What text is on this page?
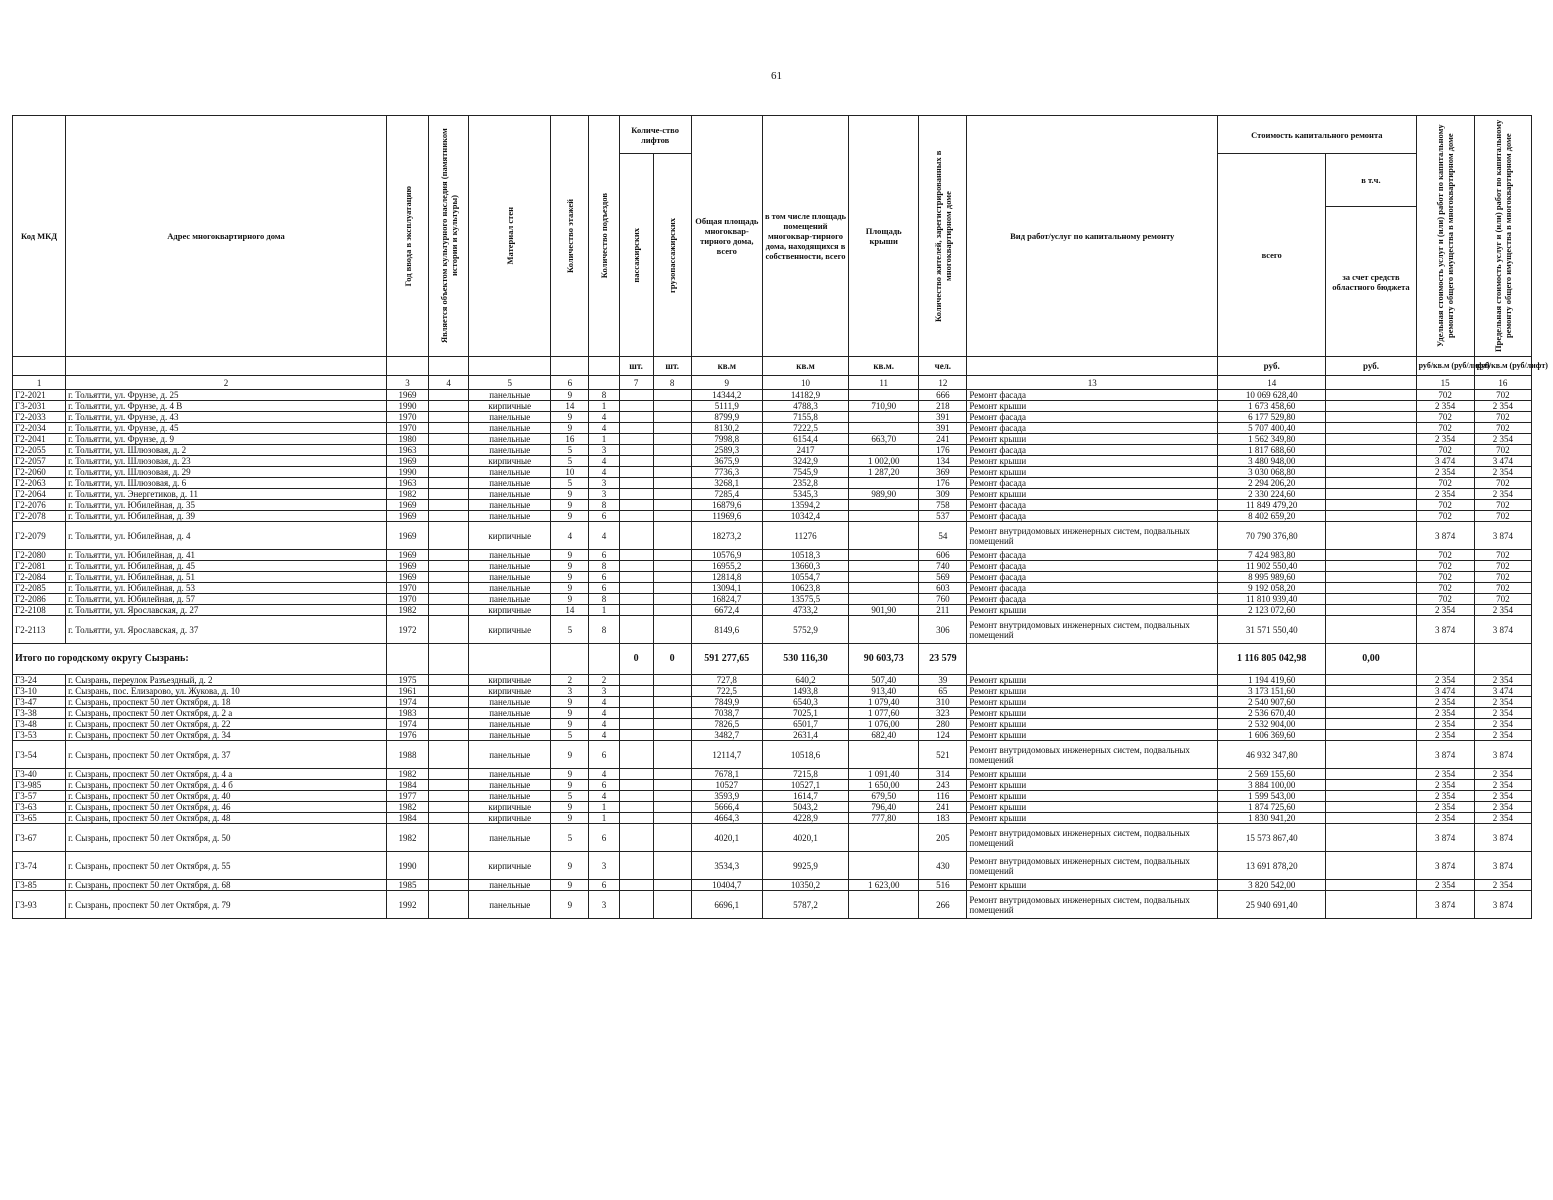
61
Код МКД	Адрес многоквартирного дома	Год ввода в эксплуатацию	Является объектом культурного наследия (памятником истории и культуры)	Материал стен	Количество этажей	Количество подъездов	Количе-ство лифтов		Общая площадь многоквар-тирного дома, всего	в том числе площадь помещений многоквар-тирного дома, находящихся в собственности, всего	Площадь крыши	Количество жителей, зарегистрированных в многоквартирном доме	Вид работ/услуг по капитальному ремонту	Стоимость капитального ремонта		Удельная стоимость услуг и (или) работ по капитальному ремонту общего имущества в многоквартирном доме	Предельная стоимость услуг и (или) работ по капитальному ремонту общего имущества в многоквартирном доме

							пассажирских	грузопассажирских						всего	в т.ч.		
															за счет средств областного бюджета		
							шт.	шт.	кв.м	кв.м	кв.м.	чел.		руб.	руб.	руб/кв.м (руб/лифт)	руб/кв.м (руб/лифт)
1	2	3	4	5	6		7	8	9	10	11	12	13	14		15	16
Г2-2021	г. Тольятти, ул. Фрунзе, д. 25	1969		панельные	9	8			14344,2	14182,9		666	Ремонт фасада	10 069 628,40		702	702
Г3-2031	г. Тольятти, ул. Фрунзе, д. 4 В	1990		кирпичные	14	1			5111,9	4788,3	710,90	218	Ремонт крыши	1 673 458,60		2 354	2 354
Г2-2033	г. Тольятти, ул. Фрунзе, д. 43	1970		панельные	9	4			8799,9	7155,8		391	Ремонт фасада	6 177 529,80		702	702
Г2-2034	г. Тольятти, ул. Фрунзе, д. 45	1970		панельные	9	4			8130,2	7222,5		391	Ремонт фасада	5 707 400,40		702	702
Г2-2041	г. Тольятти, ул. Фрунзе, д. 9	1980		панельные	16	1			7998,8	6154,4	663,70	241	Ремонт крыши	1 562 349,80		2 354	2 354
Г2-2055	г. Тольятти, ул. Шлюзовая, д. 2	1963		панельные	5	3			2589,3	2417		176	Ремонт фасада	1 817 688,60		702	702
Г2-2057	г. Тольятти, ул. Шлюзовая, д. 23	1969		кирпичные	5	4			3675,9	3242,9	1 002,00	134	Ремонт крыши	3 480 948,00		3 474	3 474
Г2-2060	г. Тольятти, ул. Шлюзовая, д. 29	1990		панельные	10	4			7736,3	7545,9	1 287,20	369	Ремонт крыши	3 030 068,80		2 354	2 354
Г2-2063	г. Тольятти, ул. Шлюзовая, д. 6	1963		панельные	5	3			3268,1	2352,8		176	Ремонт фасада	2 294 206,20		702	702
Г2-2064	г. Тольятти, ул. Энергетиков, д. 11	1982		панельные	9	3			7285,4	5345,3	989,90	309	Ремонт крыши	2 330 224,60		2 354	2 354
Г2-2076	г. Тольятти, ул. Юбилейная, д. 35	1969		панельные	9	8			16879,6	13594,2		758	Ремонт фасада	11 849 479,20		702	702
Г2-2078	г. Тольятти, ул. Юбилейная, д. 39	1969		панельные	9	6			11969,6	10342,4		537	Ремонт фасада	8 402 659,20		702	702
Г2-2079	г. Тольятти, ул. Юбилейная, д. 4	1969		кирпичные	4	4			18273,2	11276		54	Ремонт внутридомовых инженерных систем, подвальных помещений	70 790 376,80		3 874	3 874
Г2-2080	г. Тольятти, ул. Юбилейная, д. 41	1969		панельные	9	6			10576,9	10518,3		606	Ремонт фасада	7 424 983,80		702	702
Г2-2081	г. Тольятти, ул. Юбилейная, д. 45	1969		панельные	9	8			16955,2	13660,3		740	Ремонт фасада	11 902 550,40		702	702
Г2-2084	г. Тольятти, ул. Юбилейная, д. 51	1969		панельные	9	6			12814,8	10554,7		569	Ремонт фасада	8 995 989,60		702	702
Г2-2085	г. Тольятти, ул. Юбилейная, д. 53	1970		панельные	9	6			13094,1	10623,8		603	Ремонт фасада	9 192 058,20		702	702
Г2-2086	г. Тольятти, ул. Юбилейная, д. 57	1970		панельные	9	8			16824,7	13575,5		760	Ремонт фасада	11 810 939,40		702	702
Г2-2108	г. Тольятти, ул. Ярославская, д. 27	1982		кирпичные	14	1			6672,4	4733,2	901,90	211	Ремонт крыши	2 123 072,60		2 354	2 354
Г2-2113	г. Тольятти, ул. Ярославская, д. 37	1972		кирпичные	5	8			8149,6	5752,9		306	Ремонт внутридомовых инженерных систем, подвальных помещений	31 571 550,40		3 874	3 874
Итого по городскому округу Сызрань:							0	0	591 277,65	530 116,30	90 603,73	23 579		1 116 805 042,98	0,00		
Г3-24	г. Сызрань, переулок Разъездный, д. 2	1975		кирпичные	2	2			727,8	640,2	507,40	39	Ремонт крыши	1 194 419,60		2 354	2 354
Г3-10	г. Сызрань, пос. Елизарово, ул. Жукова, д. 10	1961		кирпичные	3	3			722,5	1493,8	913,40	65	Ремонт крыши	3 173 151,60		3 474	3 474
Г3-47	г. Сызрань, проспект 50 лет Октября, д. 18	1974		панельные	9	4			7849,9	6540,3	1 079,40	310	Ремонт крыши	2 540 907,60		2 354	2 354
Г3-38	г. Сызрань, проспект 50 лет Октября, д. 2 а	1983		панельные	9	4			7038,7	7025,1	1 077,60	323	Ремонт крыши	2 536 670,40		2 354	2 354
Г3-48	г. Сызрань, проспект 50 лет Октября, д. 22	1974		панельные	9	4			7826,5	6501,7	1 076,00	280	Ремонт крыши	2 532 904,00		2 354	2 354
Г3-53	г. Сызрань, проспект 50 лет Октября, д. 34	1976		панельные	5	4			3482,7	2631,4	682,40	124	Ремонт крыши	1 606 369,60		2 354	2 354
Г3-54	г. Сызрань, проспект 50 лет Октября, д. 37	1988		панельные	9	6			12114,7	10518,6		521	Ремонт внутридомовых инженерных систем, подвальных помещений	46 932 347,80		3 874	3 874
Г3-40	г. Сызрань, проспект 50 лет Октября, д. 4 а	1982		панельные	9	4			7678,1	7215,8	1 091,40	314	Ремонт крыши	2 569 155,60		2 354	2 354
Г3-985	г. Сызрань, проспект 50 лет Октября, д. 4 б	1984		панельные	9	6			10527	10527,1	1 650,00	243	Ремонт крыши	3 884 100,00		2 354	2 354
Г3-57	г. Сызрань, проспект 50 лет Октября, д. 40	1977		панельные	5	4			3593,9	1614,7	679,50	116	Ремонт крыши	1 599 543,00		2 354	2 354
Г3-63	г. Сызрань, проспект 50 лет Октября, д. 46	1982		кирпичные	9	1			5666,4	5043,2	796,40	241	Ремонт крыши	1 874 725,60		2 354	2 354
Г3-65	г. Сызрань, проспект 50 лет Октября, д. 48	1984		кирпичные	9	1			4664,3	4228,9	777,80	183	Ремонт крыши	1 830 941,20		2 354	2 354
Г3-67	г. Сызрань, проспект 50 лет Октября, д. 50	1982		панельные	5	6			4020,1	4020,1		205	Ремонт внутридомовых инженерных систем, подвальных помещений	15 573 867,40		3 874	3 874
Г3-74	г. Сызрань, проспект 50 лет Октября, д. 55	1990		кирпичные	9	3			3534,3	9925,9		430	Ремонт внутридомовых инженерных систем, подвальных помещений	13 691 878,20		3 874	3 874
Г3-85	г. Сызрань, проспект 50 лет Октября, д. 68	1985		панельные	9	6			10404,7	10350,2	1 623,00	516	Ремонт крыши	3 820 542,00		2 354	2 354
Г3-93	г. Сызрань, проспект 50 лет Октября, д. 79	1992		панельные	9	3			6696,1	5787,2		266	Ремонт внутридомовых инженерных систем, подвальных помещений	25 940 691,40		3 874	3 874
